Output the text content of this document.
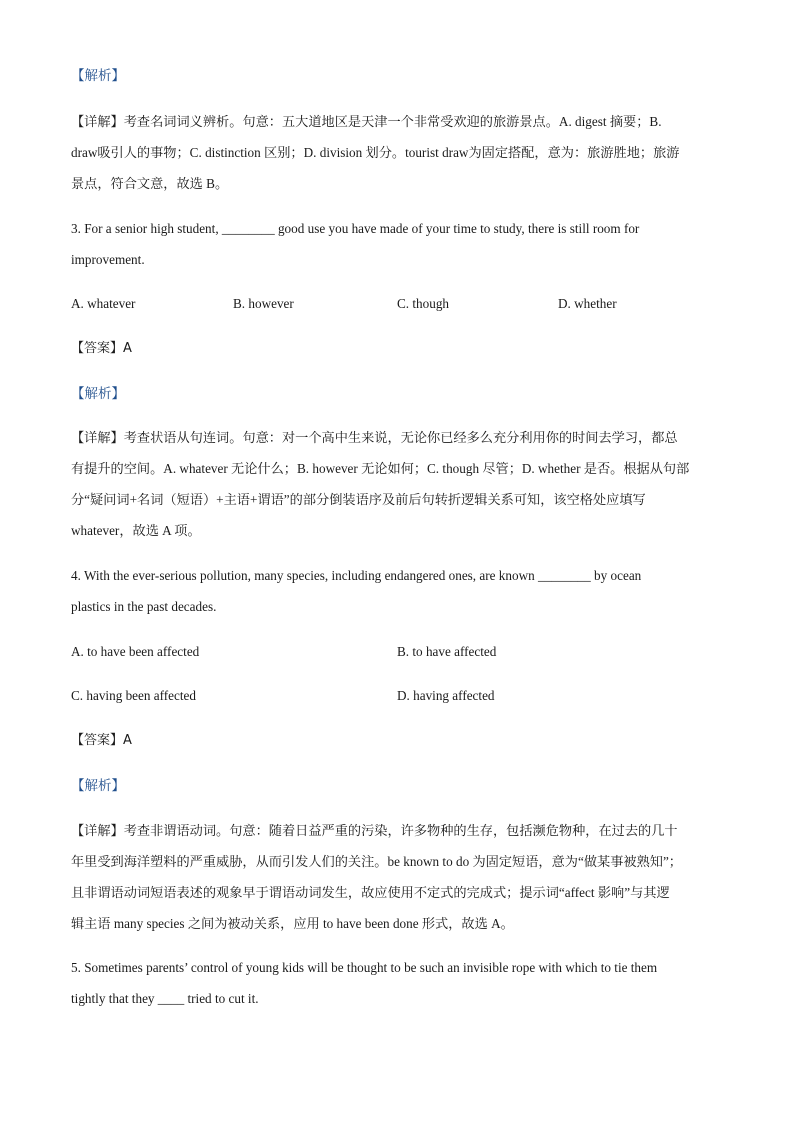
【解析】
【详解】考查名词词义辨析。句意：五大道地区是天津一个非常受欢迎的旅游景点。A. digest 摘要；B.
draw吸引人的事物；C. distinction 区别；D. division 划分。tourist draw为固定搭配，意为：旅游胜地；旅游
景点，符合文意，故选 B。
3. For a senior high student, ________ good use you have made of your time to study, there is still room for
improvement.
A. whatever	B. however	C. though	D. whether
【答案】A
【解析】
【详解】考查状语从句连词。句意：对一个高中生来说，无论你已经多么充分利用你的时间去学习，都总
有提升的空间。A. whatever 无论什么；B. however 无论如何；C. though 尽管；D. whether 是否。根据从句部
分“疑问词+名词（短语）+主语+谓语”的部分倒装语序及前后句转折逻辑关系可知，该空格处应填写
whatever，故选 A 项。
4. With the ever-serious pollution, many species, including endangered ones, are known ________ by ocean
plastics in the past decades.
A. to have been affected	B. to have affected
C. having been affected	D. having affected
【答案】A
【解析】
【详解】考查非谓语动词。句意：随着日益严重的污染，许多物种的生存，包括濒危物种，在过去的几十
年里受到海洋塑料的严重威胁，从而引发人们的关注。be known to do 为固定短语，意为“做某事被熟知”；
且非谓语动词短语表述的观象早于谓语动词发生，故应使用不定式的完成式；提示词“affect 影响”与其逻
辑主语 many species 之间为被动关系，应用 to have been done 形式，故选 A。
5. Sometimes parents’ control of young kids will be thought to be such an invisible rope with which to tie them
tightly that they ____ tried to cut it.
